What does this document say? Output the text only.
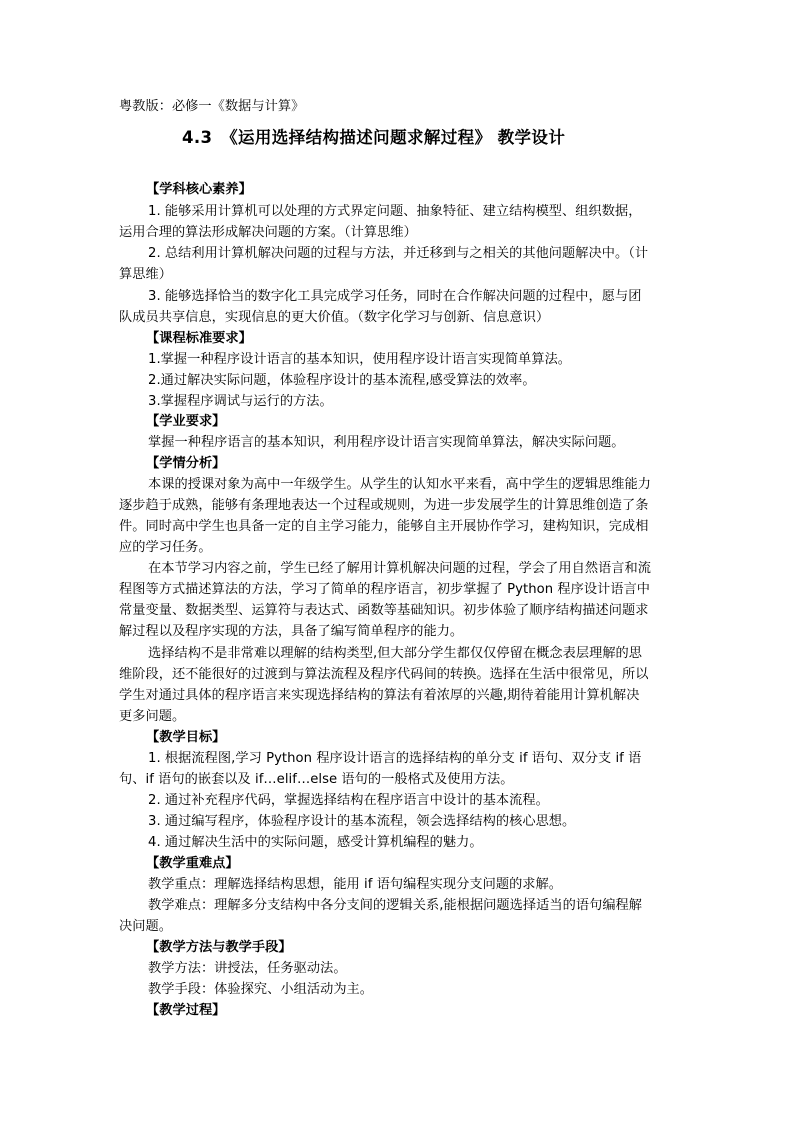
粤教版：必修一《数据与计算》

4.3　《运用选择结构描述问题求解过程》 教学设计

【学科核心素养】

1. 能够采用计算机可以处理的方式界定问题、抽象特征、建立结构模型、组织数据，

运用合理的算法形成解决问题的方案。（计算思维）

2. 总结利用计算机解决问题的过程与方法，并迁移到与之相关的其他问题解决中。（计

算思维）

3. 能够选择恰当的数字化工具完成学习任务，同时在合作解决问题的过程中，愿与团

队成员共享信息，实现信息的更大价值。（数字化学习与创新、信息意识）

【课程标准要求】

1.掌握一种程序设计语言的基本知识，使用程序设计语言实现简单算法。

2.通过解决实际问题，体验程序设计的基本流程,感受算法的效率。

3.掌握程序调试与运行的方法。

【学业要求】

掌握一种程序语言的基本知识，利用程序设计语言实现简单算法，解决实际问题。

【学情分析】

本课的授课对象为高中一年级学生。从学生的认知水平来看，高中学生的逻辑思维能力

逐步趋于成熟，能够有条理地表达一个过程或规则，为进一步发展学生的计算思维创造了条

件。同时高中学生也具备一定的自主学习能力，能够自主开展协作学习，建构知识，完成相

应的学习任务。

在本节学习内容之前，学生已经了解用计算机解决问题的过程，学会了用自然语言和流

程图等方式描述算法的方法，学习了简单的程序语言，初步掌握了 Python 程序设计语言中

常量变量、数据类型、运算符与表达式、函数等基础知识。初步体验了顺序结构描述问题求

解过程以及程序实现的方法，具备了编写简单程序的能力。

选择结构不是非常难以理解的结构类型,但大部分学生都仅仅停留在概念表层理解的思

维阶段，还不能很好的过渡到与算法流程及程序代码间的转换。选择在生活中很常见，所以

学生对通过具体的程序语言来实现选择结构的算法有着浓厚的兴趣,期待着能用计算机解决

更多问题。

【教学目标】

1. 根据流程图,学习 Python 程序设计语言的选择结构的单分支 if 语句、双分支 if 语

句、if 语句的嵌套以及 if…elif…else 语句的一般格式及使用方法。

2. 通过补充程序代码，掌握选择结构在程序语言中设计的基本流程。

3. 通过编写程序，体验程序设计的基本流程，领会选择结构的核心思想。

4. 通过解决生活中的实际问题，感受计算机编程的魅力。

【教学重难点】

教学重点：理解选择结构思想，能用 if 语句编程实现分支问题的求解。

教学难点：理解多分支结构中各分支间的逻辑关系,能根据问题选择适当的语句编程解

决问题。

【教学方法与教学手段】

教学方法：讲授法，任务驱动法。

教学手段：体验探究、小组活动为主。

【教学过程】
